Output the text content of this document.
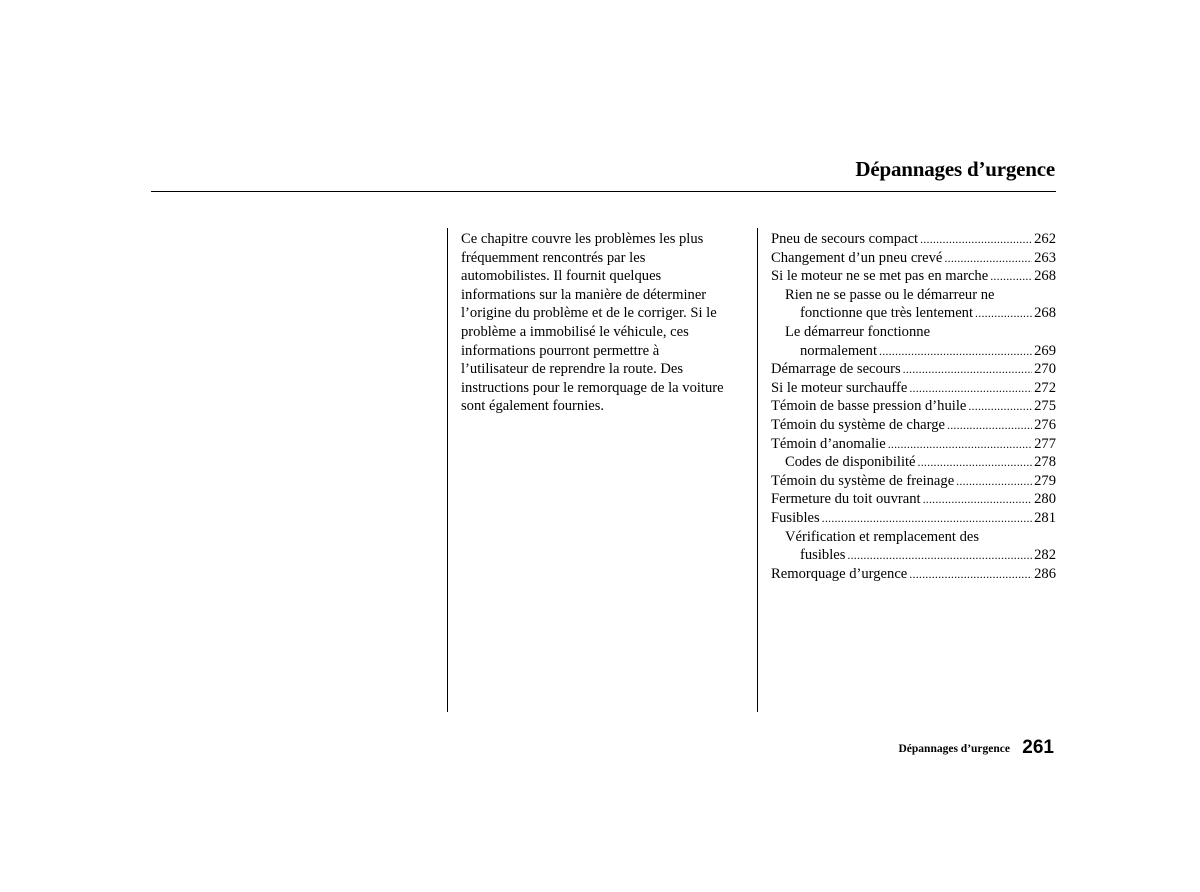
Dépannages d’urgence
Ce chapitre couvre les problèmes les plus
fréquemment rencontrés par les
automobilistes. Il fournit quelques
informations sur la manière de déterminer
l’origine du problème et de le corriger. Si le
problème a immobilisé le véhicule, ces
informations pourront permettre à
l’utilisateur de reprendre la route. Des
instructions pour le remorquage de la voiture
sont également fournies.
Pneu de secours compact .....	262
Changement d’un pneu crevé .....	263
Si le moteur ne se met pas en marche .....	268
Rien ne se passe ou le démarreur ne
fonctionne que très lentement .....	268
Le démarreur fonctionne
normalement .....	269
Démarrage de secours .....	270
Si le moteur surchauffe .....	272
Témoin de basse pression d’huile .....	275
Témoin du système de charge .....	276
Témoin d’anomalie .....	277
Codes de disponibilité .....	278
Témoin du système de freinage .....	279
Fermeture du toit ouvrant .....	280
Fusibles .....	281
Vérification et remplacement des
fusibles .....	282
Remorquage d’urgence .....	286
Dépannages d’urgence 261
